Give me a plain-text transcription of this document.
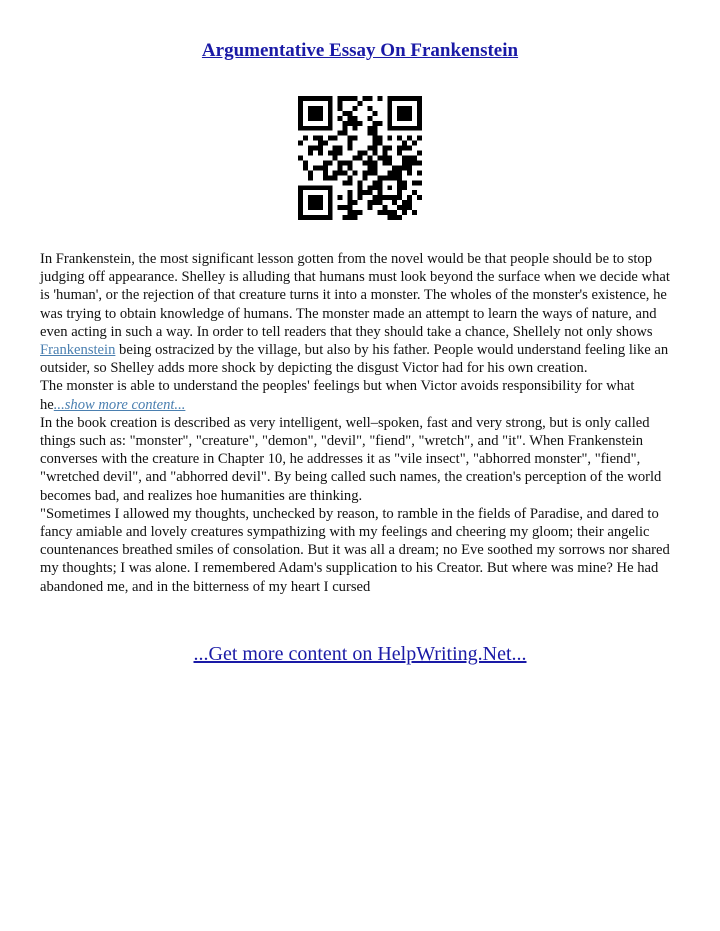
Argumentative Essay On Frankenstein

In Frankenstein, the most significant lesson gotten from the novel would be that people should be to stop judging off appearance. Shelley is alluding that humans must look beyond the surface when we decide what is 'human', or the rejection of that creature turns it into a monster. The wholes of the monster's existence, he was trying to obtain knowledge of humans. The monster made an attempt to learn the ways of nature, and even acting in such a way. In order to tell readers that they should take a chance, Shellely not only shows Frankenstein being ostracized by the village, but also by his father. People would understand feeling like an outsider, so Shelley adds more shock by depicting the disgust Victor had for his own creation.

The monster is able to understand the peoples' feelings but when Victor avoids responsibility for what he...show more content...

In the book creation is described as very intelligent, well–spoken, fast and very strong, but is only called things such as: "monster", "creature", "demon", "devil", "fiend", "wretch", and "it". When Frankenstein converses with the creature in Chapter 10, he addresses it as "vile insect", "abhorred monster", "fiend", "wretched devil", and "abhorred devil". By being called such names, the creation's perception of the world becomes bad, and realizes hoe humanities are thinking.

"Sometimes I allowed my thoughts, unchecked by reason, to ramble in the fields of Paradise, and dared to fancy amiable and lovely creatures sympathizing with my feelings and cheering my gloom; their angelic countenances breathed smiles of consolation. But it was all a dream; no Eve soothed my sorrows nor shared my thoughts; I was alone. I remembered Adam's supplication to his Creator. But where was mine? He had abandoned me, and in the bitterness of my heart I cursed

...Get more content on HelpWriting.Net...
